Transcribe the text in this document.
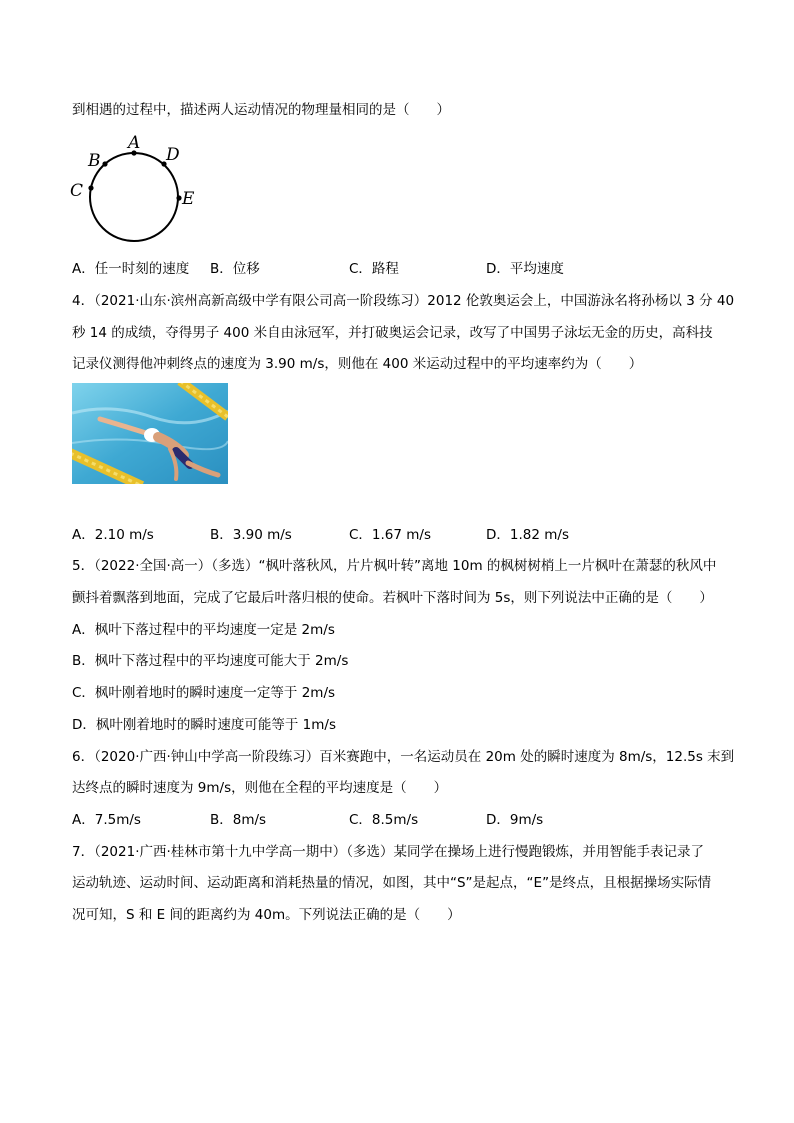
到相遇的过程中，描述两人运动情况的物理量相同的是（　　）
A
B
C
D
E
A．任一时刻的速度 B．位移	C．路程	D．平均速度
4．（2021·山东·滨州高新高级中学有限公司高一阶段练习）2012 伦敦奥运会上，中国游泳名将孙杨以 3 分 40
秒 14 的成绩，夺得男子 400 米自由泳冠军，并打破奥运会记录，改写了中国男子泳坛无金的历史，高科技
记录仪测得他冲刺终点的速度为 3.90 m/s，则他在 400 米运动过程中的平均速率约为（　　）
A．2.10 m/s	B．3.90 m/s	C．1.67 m/s	D．1.82 m/s
5．（2022·全国·高一）（多选）“枫叶落秋风，片片枫叶转”离地 10m 的枫树树梢上一片枫叶在萧瑟的秋风中
颤抖着飘落到地面，完成了它最后叶落归根的使命。若枫叶下落时间为 5s，则下列说法中正确的是（　　）
A．枫叶下落过程中的平均速度一定是 2m/s
B．枫叶下落过程中的平均速度可能大于 2m/s
C．枫叶刚着地时的瞬时速度一定等于 2m/s
D．枫叶刚着地时的瞬时速度可能等于 1m/s
6．（2020·广西·钟山中学高一阶段练习）百米赛跑中，一名运动员在 20m 处的瞬时速度为 8m/s，12.5s 末到
达终点的瞬时速度为 9m/s，则他在全程的平均速度是（　　）
A．7.5m/s	B．8m/s	C．8.5m/s	D．9m/s
7．（2021·广西·桂林市第十九中学高一期中）（多选）某同学在操场上进行慢跑锻炼，并用智能手表记录了
运动轨迹、运动时间、运动距离和消耗热量的情况，如图，其中“S”是起点，“E”是终点，且根据操场实际情
况可知，S 和 E 间的距离约为 40m。下列说法正确的是（　　）
